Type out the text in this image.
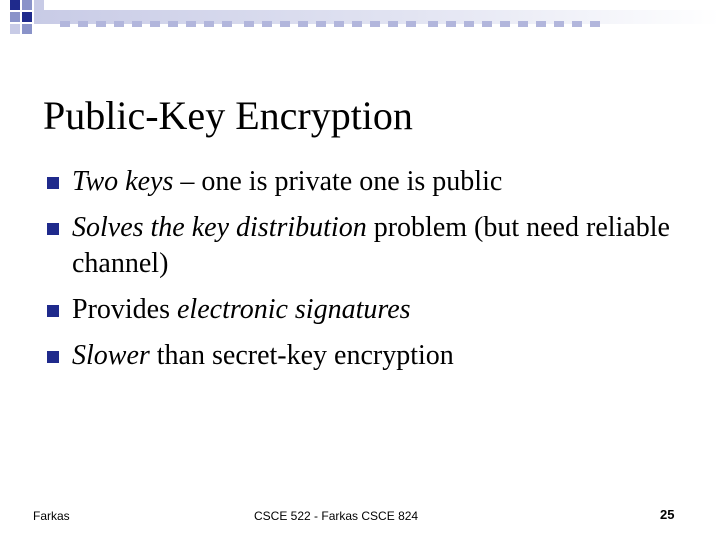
Public-Key Encryption
Two keys – one is private one is public
Solves the key distribution problem (but need reliable channel)
Provides electronic signatures
Slower than secret-key encryption
Farkas	CSCE 522 - Farkas CSCE 824	25
